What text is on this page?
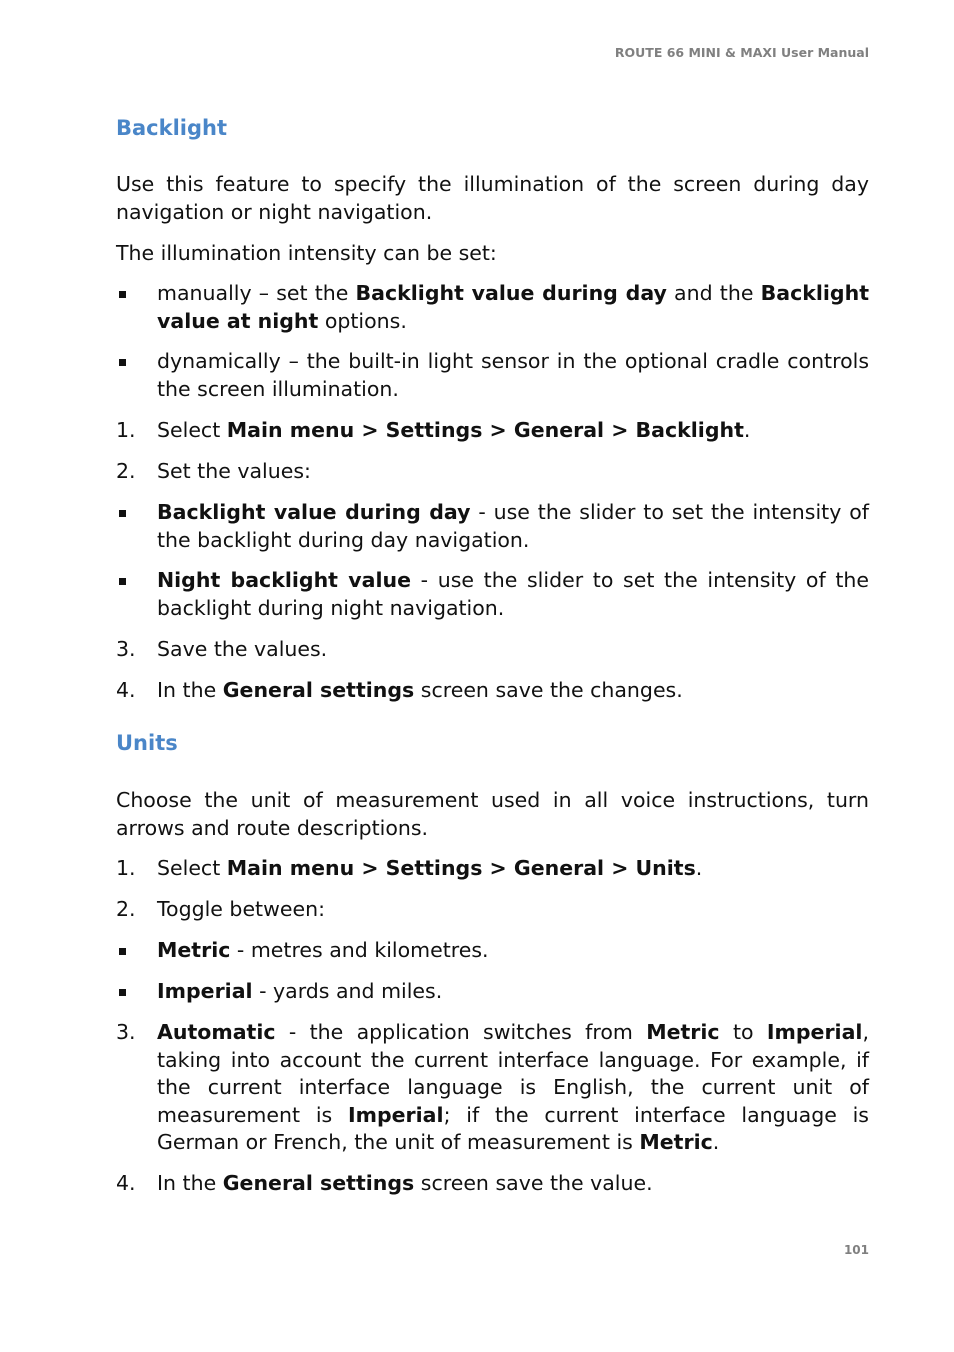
ROUTE 66 MINI & MAXI User Manual
Backlight

Use this feature to specify the illumination of the screen during day navigation or night navigation.

The illumination intensity can be set:

manually – set the Backlight value during day and the Backlight value at night options.
dynamically – the built-in light sensor in the optional cradle controls the screen illumination.
1.	Select Main menu > Settings > General > Backlight.
2.	Set the values:
Backlight value during day - use the slider to set the intensity of the backlight during day navigation.
Night backlight value - use the slider to set the intensity of the backlight during night navigation.
3.	Save the values.
4.	In the General settings screen save the changes.
Units

Choose the unit of measurement used in all voice instructions, turn arrows and route descriptions.

1.	Select Main menu > Settings > General > Units.
2.	Toggle between:
Metric - metres and kilometres.
Imperial - yards and miles.
3.	Automatic - the application switches from Metric to Imperial, taking into account the current interface language. For example, if the current interface language is English, the current unit of measurement is Imperial; if the current interface language is German or French, the unit of measurement is Metric.
4.	In the General settings screen save the value.
101
